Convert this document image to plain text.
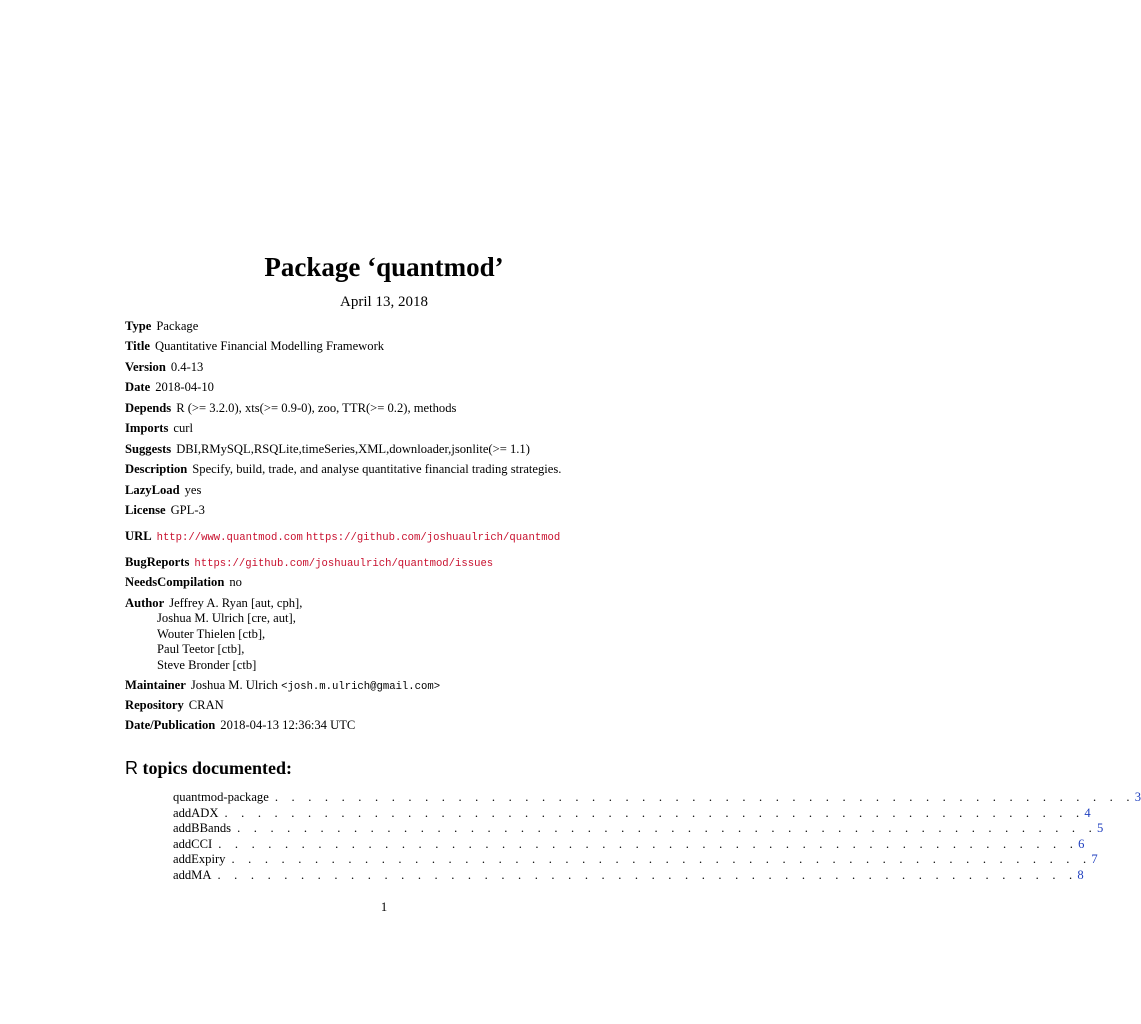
Package ‘quantmod’
April 13, 2018
Type Package
Title Quantitative Financial Modelling Framework
Version 0.4-13
Date 2018-04-10
Depends R (>= 3.2.0), xts(>= 0.9-0), zoo, TTR(>= 0.2), methods
Imports curl
Suggests DBI,RMySQL,RSQLite,timeSeries,XML,downloader,jsonlite(>= 1.1)
Description Specify, build, trade, and analyse quantitative financial trading strategies.
LazyLoad yes
License GPL-3
URL http://www.quantmod.com https://github.com/joshuaulrich/quantmod
BugReports https://github.com/joshuaulrich/quantmod/issues
NeedsCompilation no
Author Jeffrey A. Ryan [aut, cph],
Joshua M. Ulrich [cre, aut],
Wouter Thielen [ctb],
Paul Teetor [ctb],
Steve Bronder [ctb]
Maintainer Joshua M. Ulrich <josh.m.ulrich@gmail.com>
Repository CRAN
Date/Publication 2018-04-13 12:36:34 UTC
R topics documented:
quantmod-package . . . . . . . . . . . . . . . . . . . . . . . . . . . . . . . . . . . . . . . . . . . . . . . . . . . . 3
addADX . . . . . . . . . . . . . . . . . . . . . . . . . . . . . . . . . . . . . . . . . . . . . . . . . . . . 4
addBBands . . . . . . . . . . . . . . . . . . . . . . . . . . . . . . . . . . . . . . . . . . . . . . . . . . . . 5
addCCI . . . . . . . . . . . . . . . . . . . . . . . . . . . . . . . . . . . . . . . . . . . . . . . . . . . . 6
addExpiry . . . . . . . . . . . . . . . . . . . . . . . . . . . . . . . . . . . . . . . . . . . . . . . . . . . . 7
addMA . . . . . . . . . . . . . . . . . . . . . . . . . . . . . . . . . . . . . . . . . . . . . . . . . . . . 8
1
